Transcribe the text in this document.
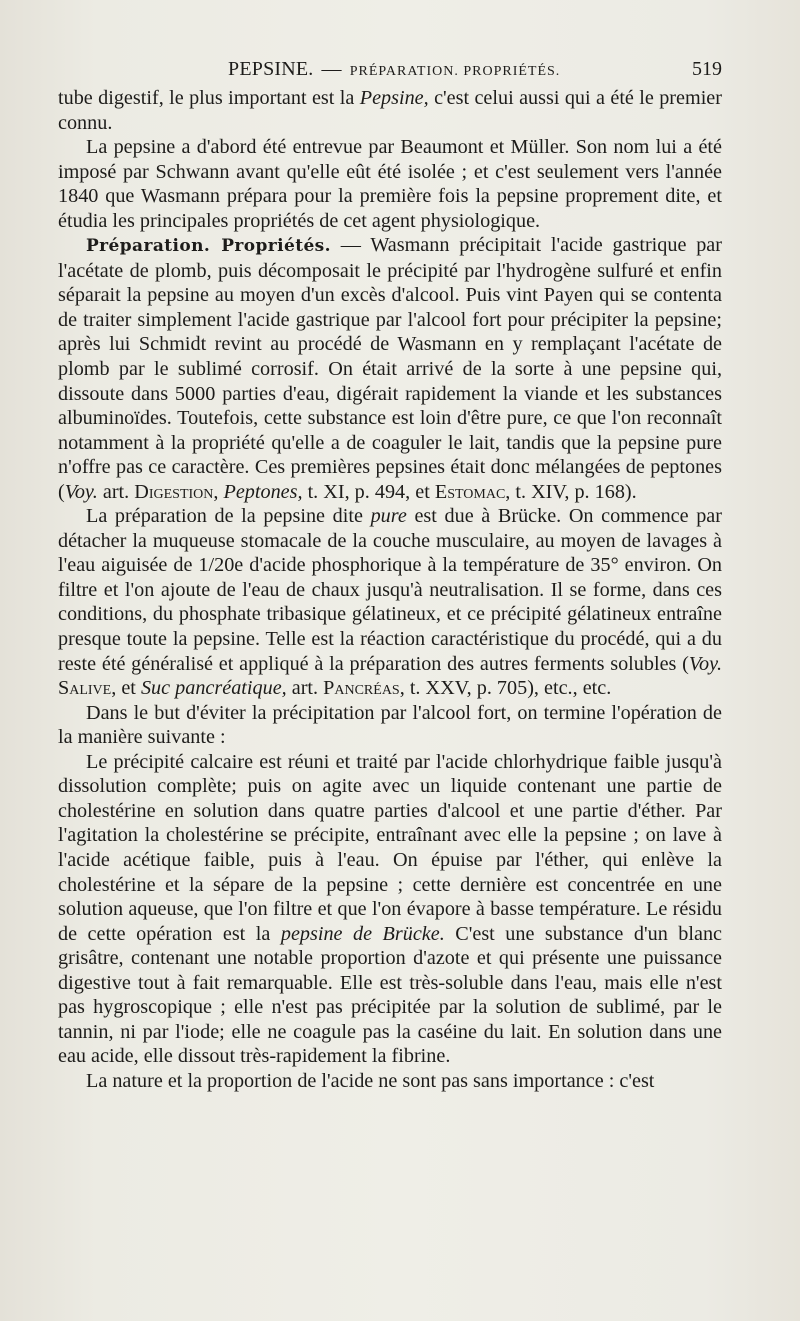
PEPSINE. — PRÉPARATION. PROPRIÉTÉS.	519

tube digestif, le plus important est la Pepsine, c'est celui aussi qui a été le premier connu.

La pepsine a d'abord été entrevue par Beaumont et Müller. Son nom lui a été imposé par Schwann avant qu'elle eût été isolée ; et c'est seulement vers l'année 1840 que Wasmann prépara pour la première fois la pepsine proprement dite, et étudia les principales propriétés de cet agent physiologique.

Préparation. Propriétés. — Wasmann précipitait l'acide gastrique par l'acétate de plomb, puis décomposait le précipité par l'hydrogène sulfuré et enfin séparait la pepsine au moyen d'un excès d'alcool. Puis vint Payen qui se contenta de traiter simplement l'acide gastrique par l'alcool fort pour précipiter la pepsine; après lui Schmidt revint au procédé de Wasmann en y remplaçant l'acétate de plomb par le sublimé corrosif. On était arrivé de la sorte à une pepsine qui, dissoute dans 5000 parties d'eau, digérait rapidement la viande et les substances albuminoïdes. Toutefois, cette substance est loin d'être pure, ce que l'on reconnaît notamment à la propriété qu'elle a de coaguler le lait, tandis que la pepsine pure n'offre pas ce caractère. Ces premières pepsines était donc mélangées de peptones (Voy. art. Digestion, Peptones, t. XI, p. 494, et Estomac, t. XIV, p. 168).

La préparation de la pepsine dite pure est due à Brücke. On commence par détacher la muqueuse stomacale de la couche musculaire, au moyen de lavages à l'eau aiguisée de 1/20e d'acide phosphorique à la température de 35° environ. On filtre et l'on ajoute de l'eau de chaux jusqu'à neutralisation. Il se forme, dans ces conditions, du phosphate tribasique gélatineux, et ce précipité gélatineux entraîne presque toute la pepsine. Telle est la réaction caractéristique du procédé, qui a du reste été généralisé et appliqué à la préparation des autres ferments solubles (Voy. Salive, et Suc pancréatique, art. Pancréas, t. XXV, p. 705), etc., etc.

Dans le but d'éviter la précipitation par l'alcool fort, on termine l'opération de la manière suivante :

Le précipité calcaire est réuni et traité par l'acide chlorhydrique faible jusqu'à dissolution complète; puis on agite avec un liquide contenant une partie de cholestérine en solution dans quatre parties d'alcool et une partie d'éther. Par l'agitation la cholestérine se précipite, entraînant avec elle la pepsine ; on lave à l'acide acétique faible, puis à l'eau. On épuise par l'éther, qui enlève la cholestérine et la sépare de la pepsine ; cette dernière est concentrée en une solution aqueuse, que l'on filtre et que l'on évapore à basse température. Le résidu de cette opération est la pepsine de Brücke. C'est une substance d'un blanc grisâtre, contenant une notable proportion d'azote et qui présente une puissance digestive tout à fait remarquable. Elle est très-soluble dans l'eau, mais elle n'est pas hygroscopique ; elle n'est pas précipitée par la solution de sublimé, par le tannin, ni par l'iode; elle ne coagule pas la caséine du lait. En solution dans une eau acide, elle dissout très-rapidement la fibrine.

La nature et la proportion de l'acide ne sont pas sans importance : c'est
